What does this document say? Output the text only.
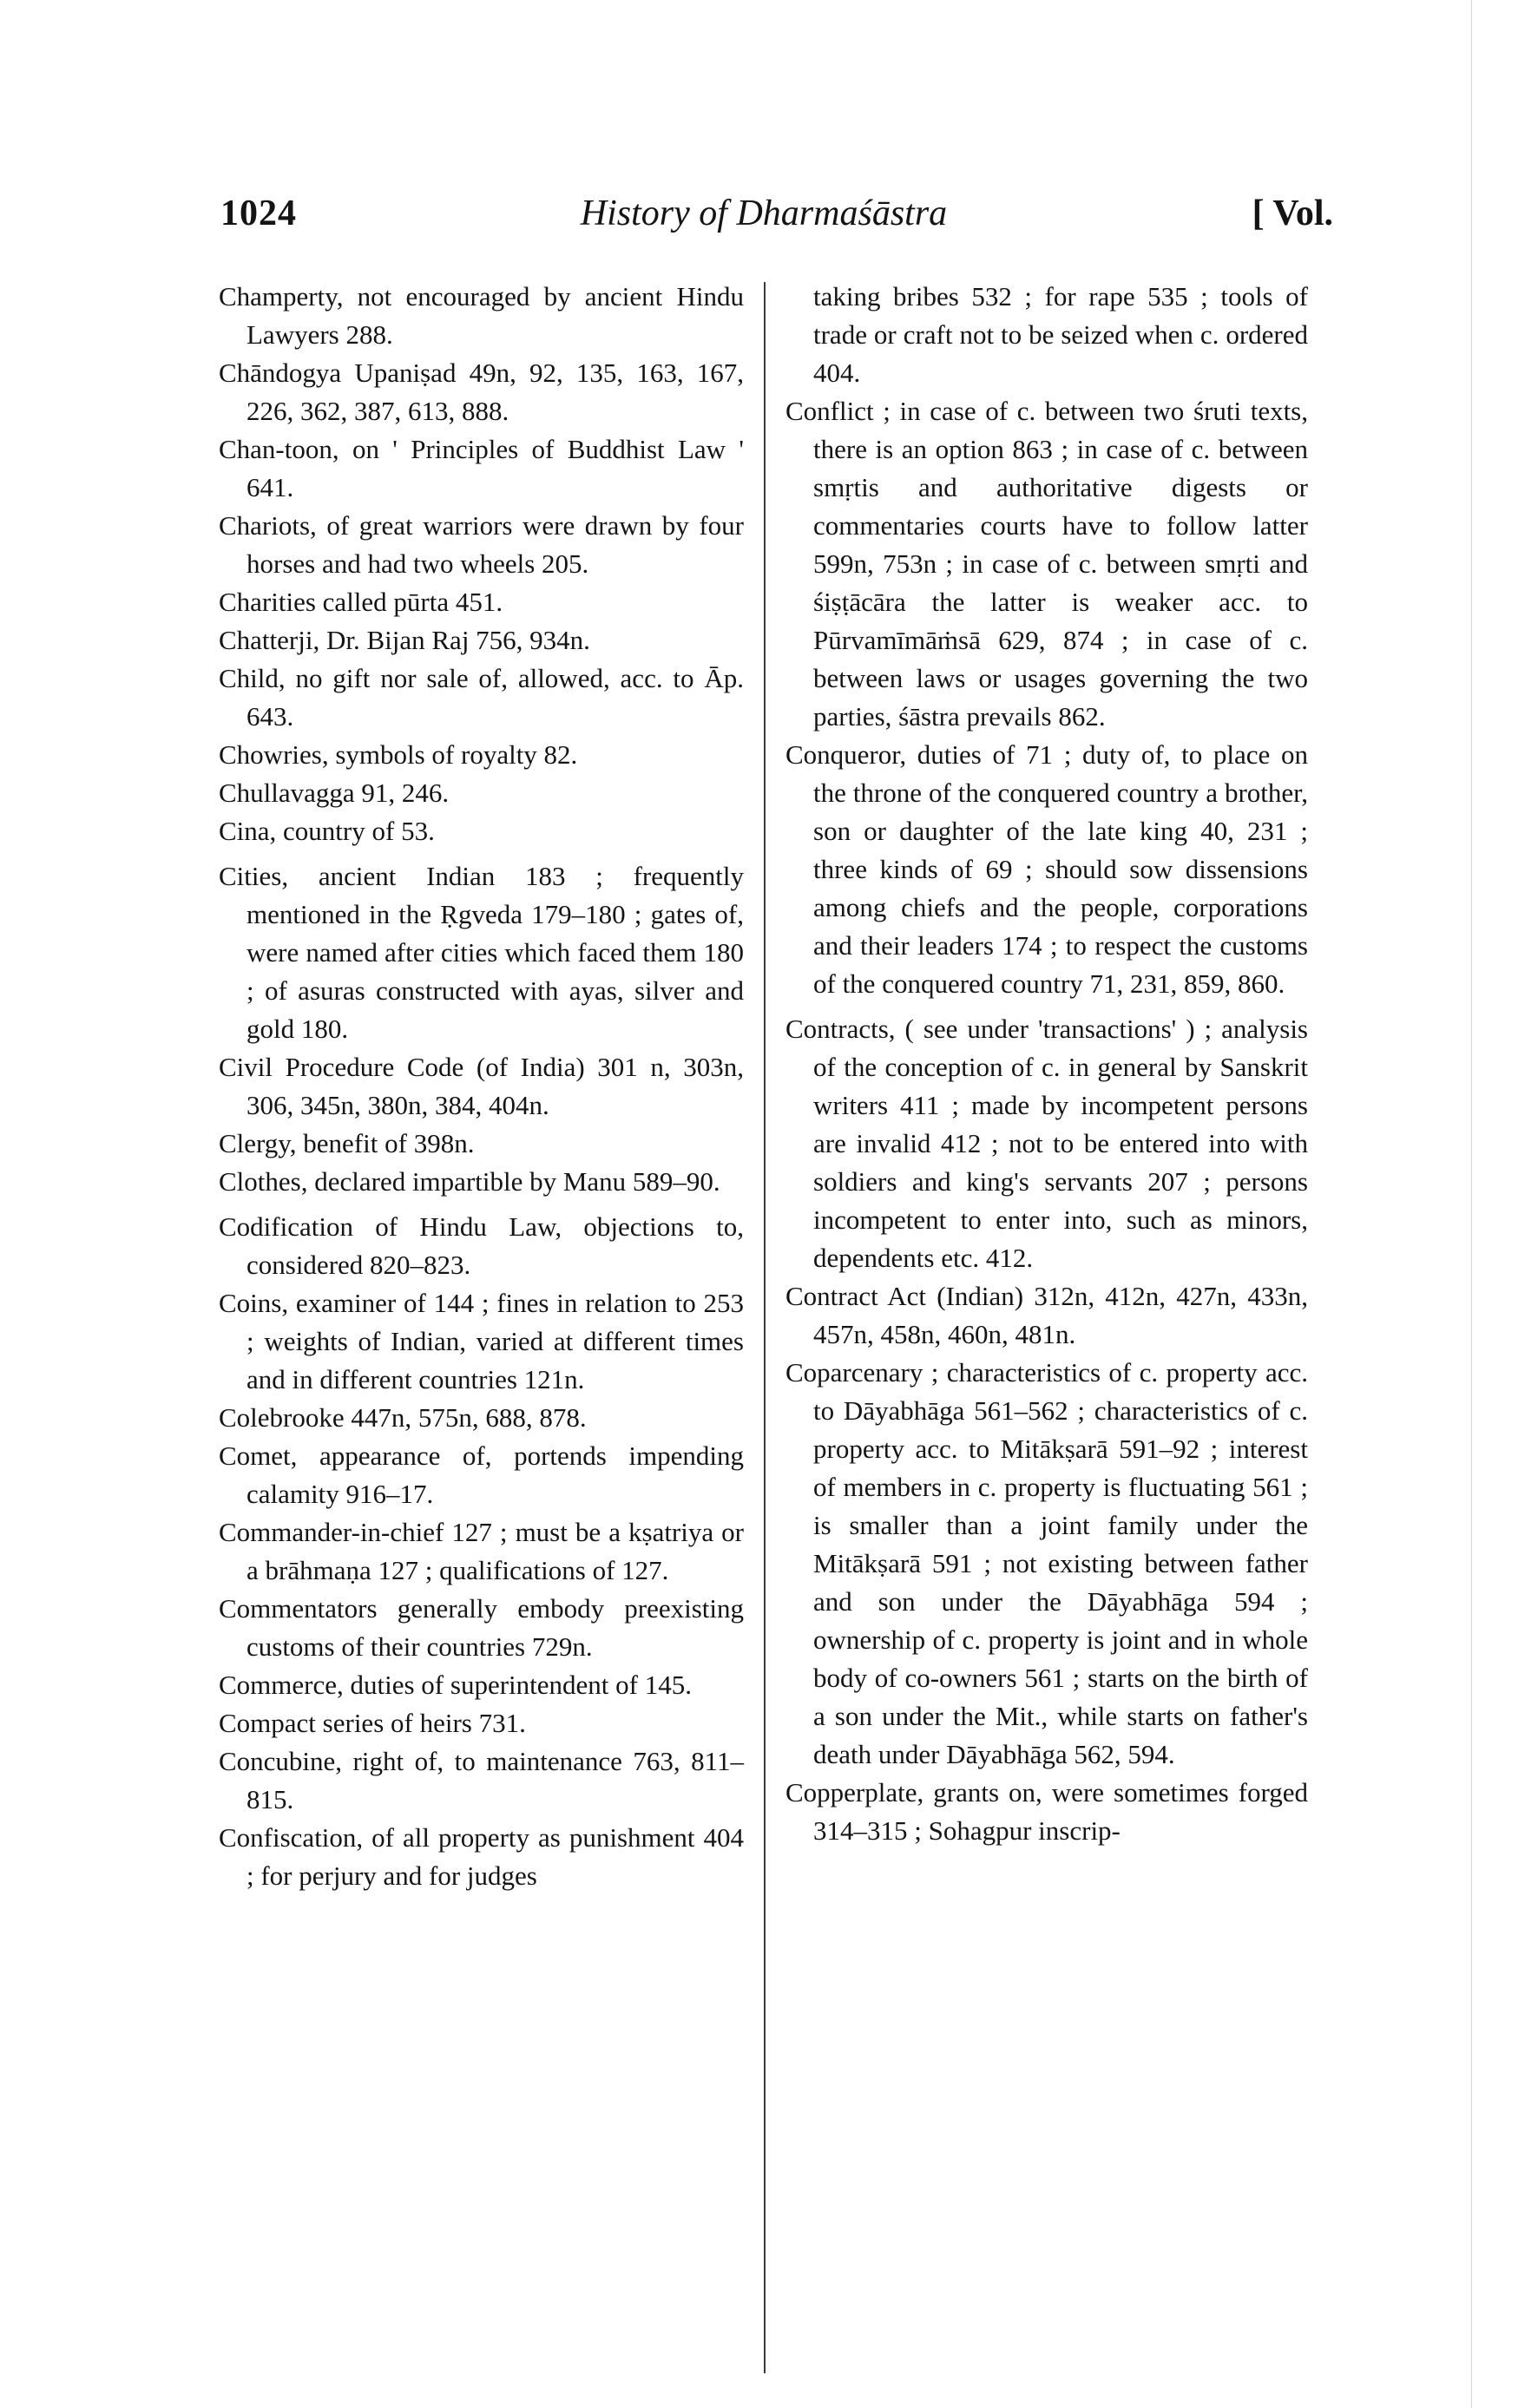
1024	History of Dharmaśāstra	[ Vol.

Champerty, not encouraged by ancient Hindu Lawyers 288.

Chāndogya Upaniṣad 49n, 92, 135, 163, 167, 226, 362, 387, 613, 888.

Chan-toon, on ' Principles of Buddhist Law ' 641.

Chariots, of great warriors were drawn by four horses and had two wheels 205.

Charities called pūrta 451.

Chatterji, Dr. Bijan Raj 756, 934n.

Child, no gift nor sale of, allowed, acc. to Āp. 643.

Chowries, symbols of royalty 82.

Chullavagga 91, 246.

Cina, country of 53.

Cities, ancient Indian 183 ; frequently mentioned in the Ṛgveda 179–180 ; gates of, were named after cities which faced them 180 ; of asuras constructed with ayas, silver and gold 180.

Civil Procedure Code (of India) 301 n, 303n, 306, 345n, 380n, 384, 404n.

Clergy, benefit of 398n.

Clothes, declared impartible by Manu 589–90.

Codification of Hindu Law, objections to, considered 820–823.

Coins, examiner of 144 ; fines in relation to 253 ; weights of Indian, varied at different times and in different countries 121n.

Colebrooke 447n, 575n, 688, 878.

Comet, appearance of, portends impending calamity 916–17.

Commander-in-chief 127 ; must be a kṣatriya or a brāhmaṇa 127 ; qualifications of 127.

Commentators generally embody preexisting customs of their countries 729n.

Commerce, duties of superintendent of 145.

Compact series of heirs 731.

Concubine, right of, to maintenance 763, 811–815.

Confiscation, of all property as punishment 404 ; for perjury and for judges

taking bribes 532 ; for rape 535 ; tools of trade or craft not to be seized when c. ordered 404.

Conflict ; in case of c. between two śruti texts, there is an option 863 ; in case of c. between smṛtis and authoritative digests or commentaries courts have to follow latter 599n, 753n ; in case of c. between smṛti and śiṣṭācāra the latter is weaker acc. to Pūrvamīmāṁsā 629, 874 ; in case of c. between laws or usages governing the two parties, śāstra prevails 862.

Conqueror, duties of 71 ; duty of, to place on the throne of the conquered country a brother, son or daughter of the late king 40, 231 ; three kinds of 69 ; should sow dissensions among chiefs and the people, corporations and their leaders 174 ; to respect the customs of the conquered country 71, 231, 859, 860.

Contracts, ( see under 'transactions' ) ; analysis of the conception of c. in general by Sanskrit writers 411 ; made by incompetent persons are invalid 412 ; not to be entered into with soldiers and king's servants 207 ; persons incompetent to enter into, such as minors, dependents etc. 412.

Contract Act (Indian) 312n, 412n, 427n, 433n, 457n, 458n, 460n, 481n.

Coparcenary ; characteristics of c. property acc. to Dāyabhāga 561–562 ; characteristics of c. property acc. to Mitākṣarā 591–92 ; interest of members in c. property is fluctuating 561 ; is smaller than a joint family under the Mitākṣarā 591 ; not existing between father and son under the Dāyabhāga 594 ; ownership of c. property is joint and in whole body of co-owners 561 ; starts on the birth of a son under the Mit., while starts on father's death under Dāyabhāga 562, 594.

Copperplate, grants on, were sometimes forged 314–315 ; Sohagpur inscrip-
